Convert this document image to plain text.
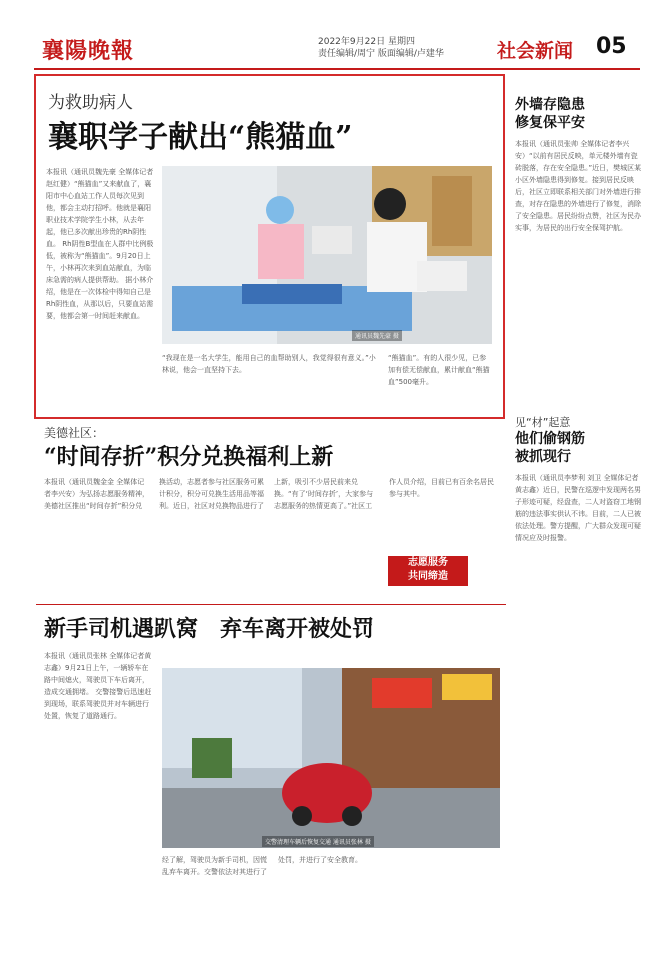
襄陽晚報	2022年9月22日 星期四
责任编辑/周宁 版面编辑/卢建华	社会新闻 05
为救助病人
襄职学子献出“熊猫血”
本报讯（通讯员魏先豪 全媒体记者赵红健）“熊猫血”又来献血了，襄阳市中心血站工作人员每次见到他，都会主动打招呼。他就是襄阳职业技术学院学生小林，从去年起，他已多次献出珍贵的Rh阴性血。 Rh阴性B型血在人群中比例极低，被称为“熊猫血”。9月20日上午，小林再次来到血站献血，为临床急需的病人提供帮助。 据小林介绍，他是在一次体检中得知自己是Rh阴性血，从那以后，只要血站需要，他都会第一时间赶来献血。
通讯员魏先豪 摄
“我现在是一名大学生，能用自己的血帮助别人，我觉得很有意义。”小林说，他会一直坚持下去。
“熊猫血”。有的人很少见，已参加有偿无偿献血，累计献血“熊猫血”500毫升。
外墙存隐患
修复保平安
本报讯（通讯员张帅 全媒体记者李兴安）“以前有居民反映，单元楼外墙有瓷砖脱落，存在安全隐患。”近日，樊城区某小区外墙隐患得到修复。接到居民反映后，社区立即联系相关部门对外墙进行排查，对存在隐患的外墙进行了修复，消除了安全隐患。居民纷纷点赞，社区为民办实事，为居民的出行安全保驾护航。
美德社区：
“时间存折”积分兑换福利上新
本报讯（通讯员魏金金 全媒体记者李兴安）为弘扬志愿服务精神，美德社区推出“时间存折”积分兑换活动，志愿者参与社区服务可累计积分，积分可兑换生活用品等福利。近日，社区对兑换物品进行了上新，吸引不少居民前来兑换。“有了‘时间存折’，大家参与志愿服务的热情更高了。”社区工作人员介绍，目前已有百余名居民参与其中。
志愿服务
共同缔造
见“材”起意
他们偷钢筋
被抓现行
本报讯（通讯员李梦利 刘卫 全媒体记者黄志鑫）近日，民警在巡逻中发现两名男子形迹可疑，经盘查，二人对盗窃工地钢筋的违法事实供认不讳。目前，二人已被依法处理。警方提醒，广大群众发现可疑情况应及时报警。
新手司机遇趴窝　弃车离开被处罚
本报讯（通讯员张林 全媒体记者黄志鑫）9月21日上午，一辆轿车在路中间熄火，驾驶员下车后离开，造成交通拥堵。 交警接警后迅速赶到现场，联系驾驶员并对车辆进行处置，恢复了道路通行。
交警清理车辆后恢复交通 通讯员张林 摄
经了解，驾驶员为新手司机，因慌乱弃车离开。交警依法对其进行了处罚，并进行了安全教育。
